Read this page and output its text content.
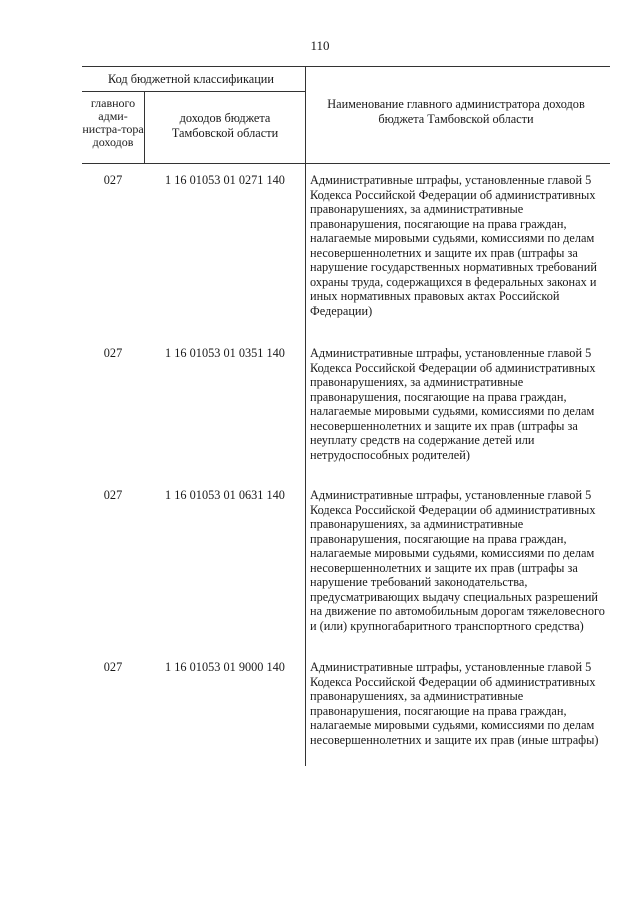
110
Код бюджетной классификации
главного адми-нистра-тора доходов
доходов бюджета Тамбовской области
Наименование главного администратора доходов бюджета Тамбовской области
027	1 16 01053 01 0271 140	Административные штрафы, установленные главой 5 Кодекса Российской Федерации об административных правонарушениях, за административные правонарушения, посягающие на права граждан, налагаемые мировыми судьями, комиссиями по делам несовершеннолетних и защите их прав (штрафы за нарушение государственных нормативных требований охраны труда, содержащихся в федеральных законах и иных нормативных правовых актах Российской Федерации)
027	1 16 01053 01 0351 140	Административные штрафы, установленные главой 5 Кодекса Российской Федерации об административных правонарушениях, за административные правонарушения, посягающие на права граждан, налагаемые мировыми судьями, комиссиями по делам несовершеннолетних и защите их прав (штрафы за неуплату средств на содержание детей или нетрудоспособных родителей)
027	1 16 01053 01 0631 140	Административные штрафы, установленные главой 5 Кодекса Российской Федерации об административных правонарушениях, за административные правонарушения, посягающие на права граждан, налагаемые мировыми судьями, комиссиями по делам несовершеннолетних и защите их прав (штрафы за нарушение требований законодательства, предусматривающих выдачу специальных разрешений на движение по автомобильным дорогам тяжеловесного и (или) крупногабаритного транспортного средства)
027	1 16 01053 01 9000 140	Административные штрафы, установленные главой 5 Кодекса Российской Федерации об административных правонарушениях, за административные правонарушения, посягающие на права граждан, налагаемые мировыми судьями, комиссиями по делам несовершеннолетних и защите их прав (иные штрафы)
